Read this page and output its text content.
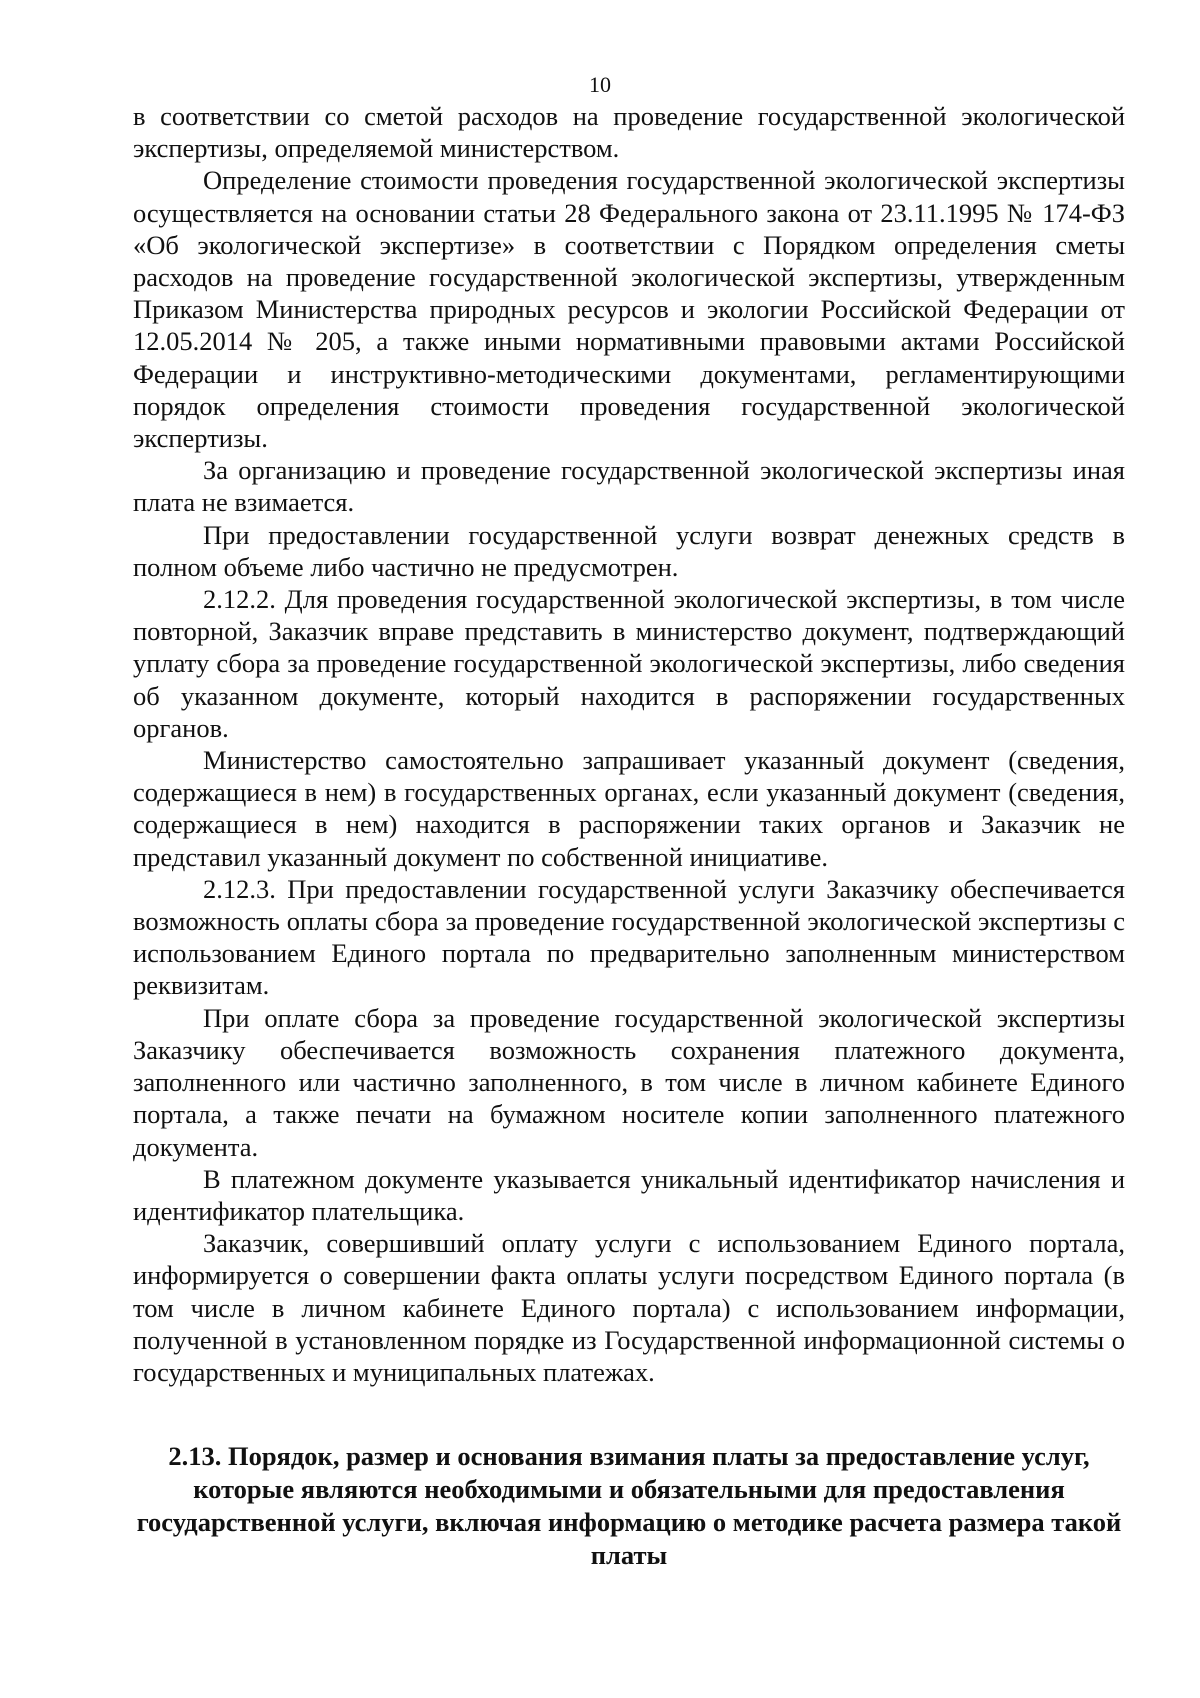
10

в соответствии со сметой расходов на проведение государственной экологической экспертизы, определяемой министерством.

Определение стоимости проведения государственной экологической экспертизы осуществляется на основании статьи 28 Федерального закона от 23.11.1995 № 174-ФЗ «Об экологической экспертизе» в соответствии с Порядком определения сметы расходов на проведение государственной экологической экспертизы, утвержденным Приказом Министерства природных ресурсов и экологии Российской Федерации от 12.05.2014 № 205, а также иными нормативными правовыми актами Российской Федерации и инструктивно-методическими документами, регламентирующими порядок определения стоимости проведения государственной экологической экспертизы.

За организацию и проведение государственной экологической экспертизы иная плата не взимается.

При предоставлении государственной услуги возврат денежных средств в полном объеме либо частично не предусмотрен.

2.12.2. Для проведения государственной экологической экспертизы, в том числе повторной, Заказчик вправе представить в министерство документ, подтверждающий уплату сбора за проведение государственной экологической экспертизы, либо сведения об указанном документе, который находится в распоряжении государственных органов.

Министерство самостоятельно запрашивает указанный документ (сведения, содержащиеся в нем) в государственных органах, если указанный документ (сведения, содержащиеся в нем) находится в распоряжении таких органов и Заказчик не представил указанный документ по собственной инициативе.

2.12.3. При предоставлении государственной услуги Заказчику обеспечивается возможность оплаты сбора за проведение государственной экологической экспертизы с использованием Единого портала по предварительно заполненным министерством реквизитам.

При оплате сбора за проведение государственной экологической экспертизы Заказчику обеспечивается возможность сохранения платежного документа, заполненного или частично заполненного, в том числе в личном кабинете Единого портала, а также печати на бумажном носителе копии заполненного платежного документа.

В платежном документе указывается уникальный идентификатор начисления и идентификатор плательщика.

Заказчик, совершивший оплату услуги с использованием Единого портала, информируется о совершении факта оплаты услуги посредством Единого портала (в том числе в личном кабинете Единого портала) с использованием информации, полученной в установленном порядке из Государственной информационной системы о государственных и муниципальных платежах.

2.13. Порядок, размер и основания взимания платы за предоставление услуг, которые являются необходимыми и обязательными для предоставления государственной услуги, включая информацию о методике расчета размера такой платы
